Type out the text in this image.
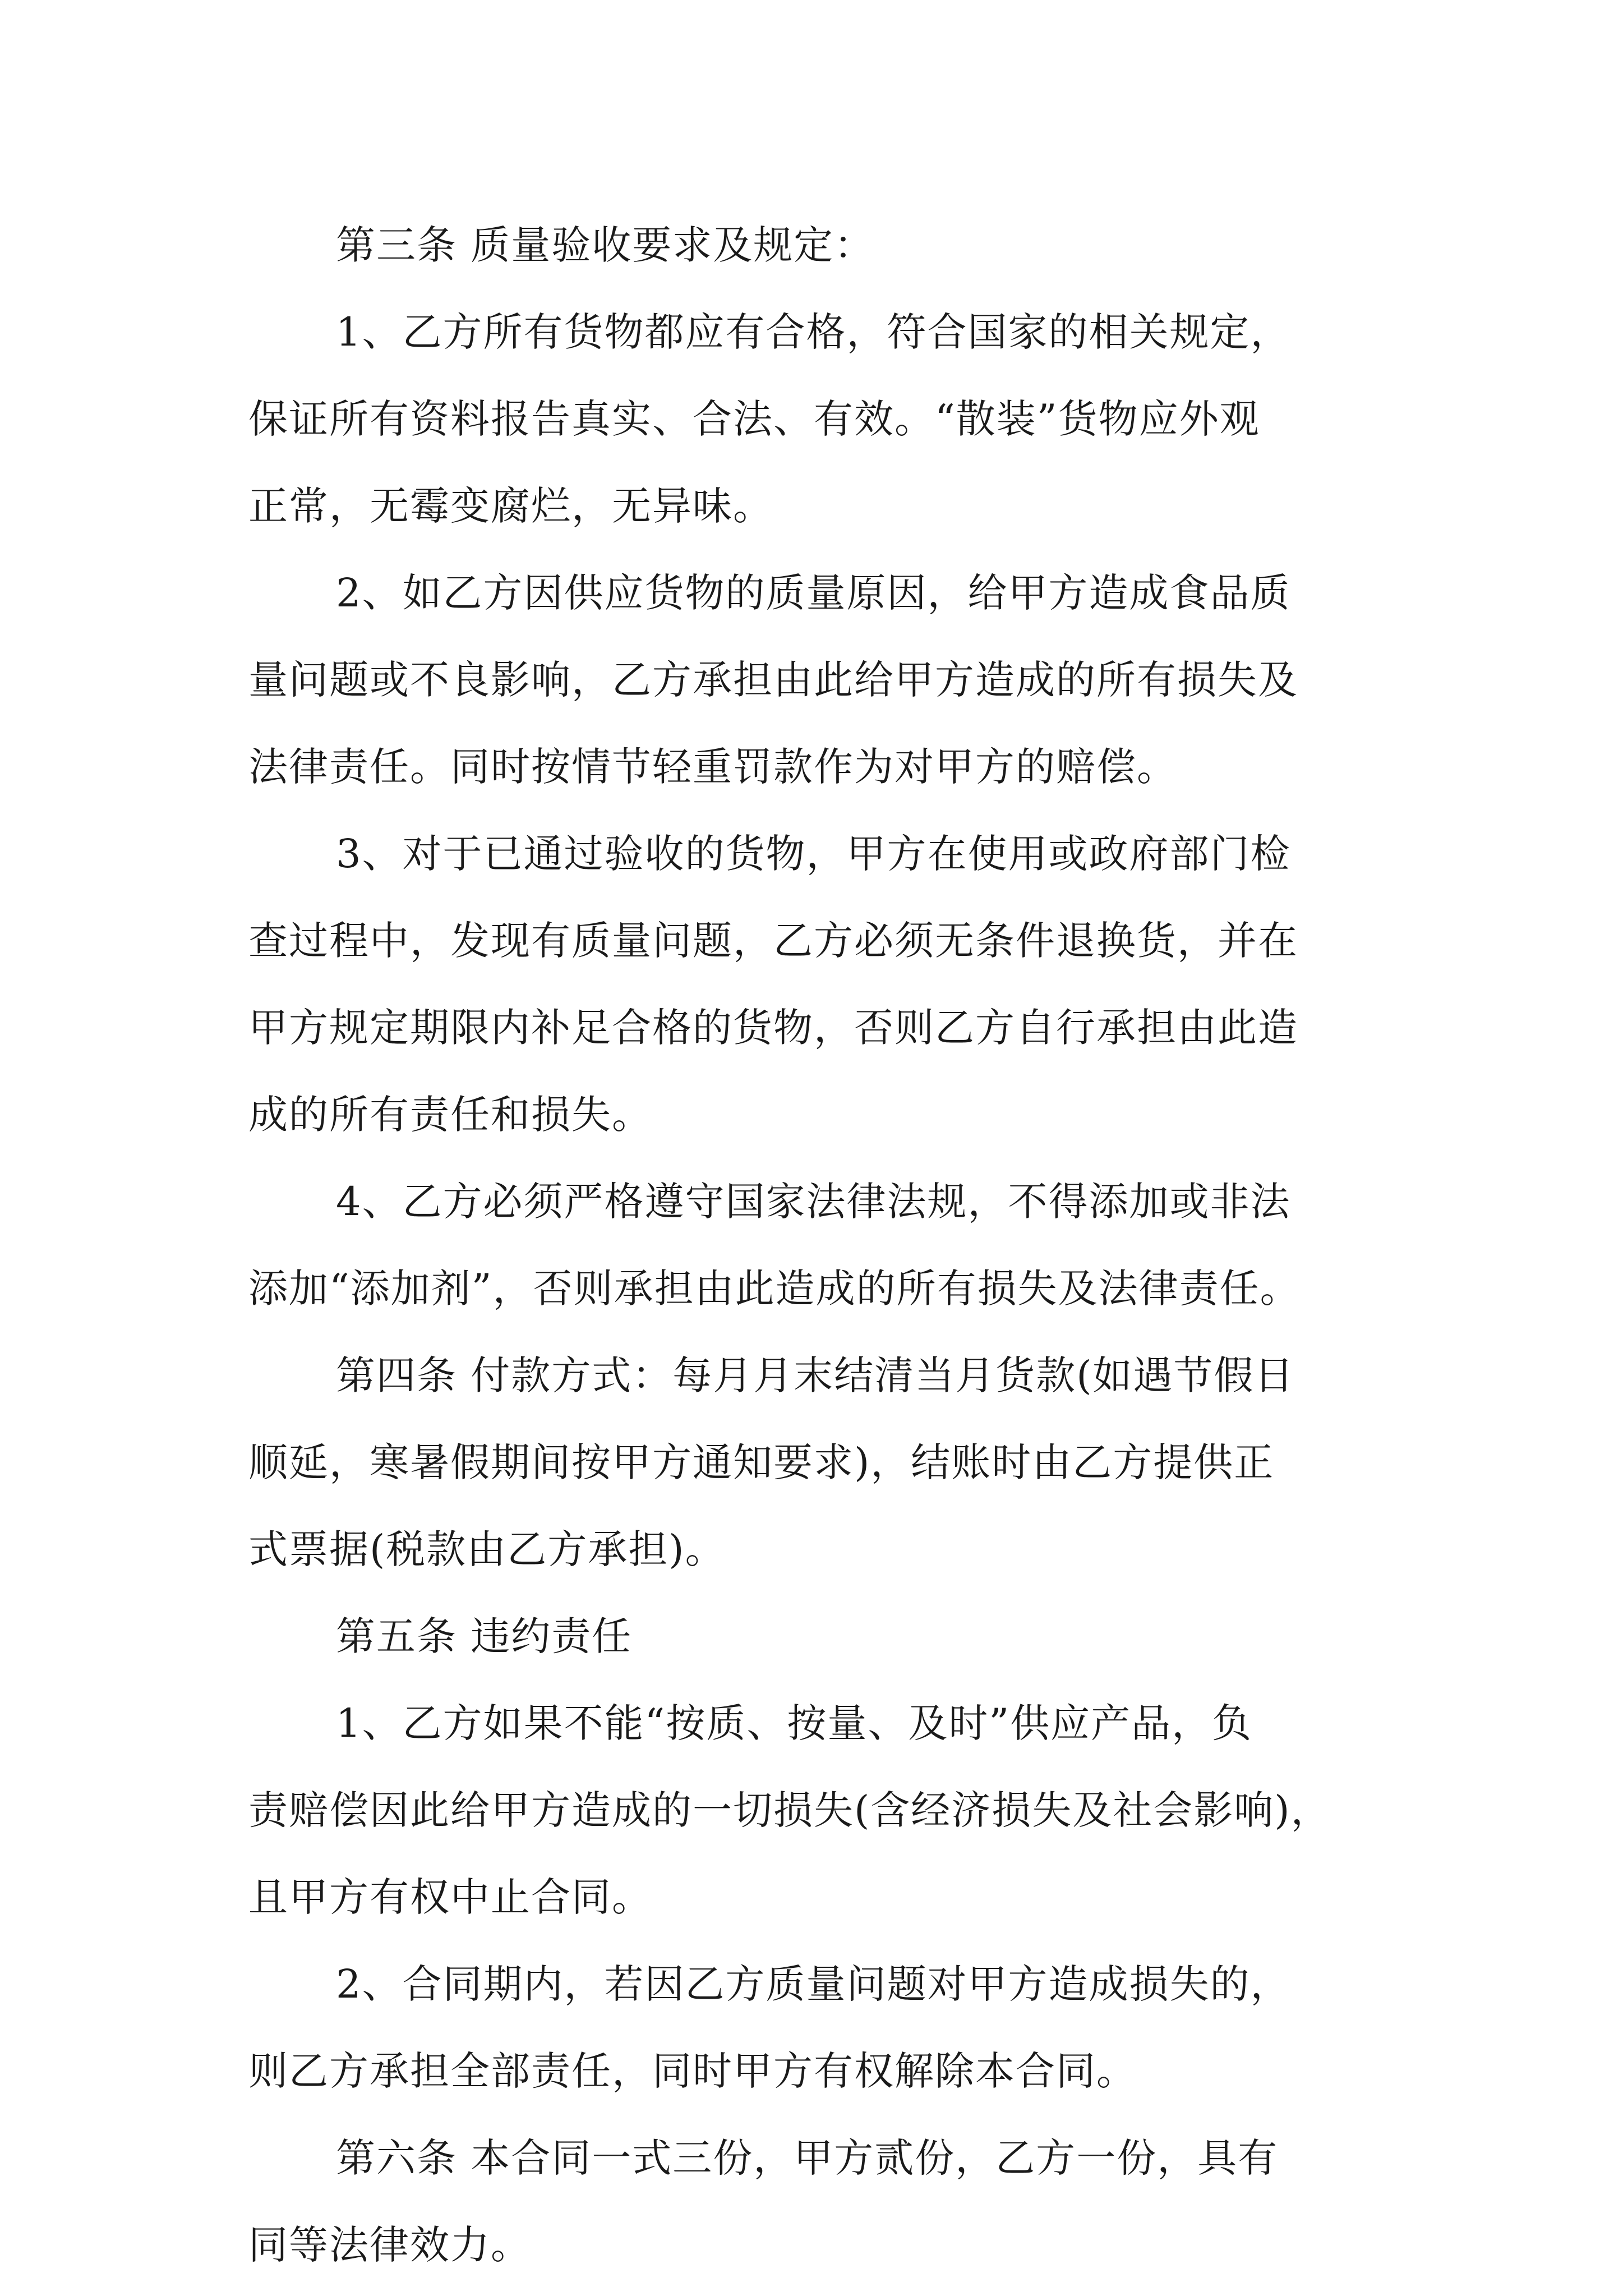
第三条 质量验收要求及规定：
1、乙方所有货物都应有合格，符合国家的相关规定，
保证所有资料报告真实、合法、有效。“散装”货物应外观
正常，无霉变腐烂，无异味。
2、如乙方因供应货物的质量原因，给甲方造成食品质
量问题或不良影响，乙方承担由此给甲方造成的所有损失及
法律责任。同时按情节轻重罚款作为对甲方的赔偿。
3、对于已通过验收的货物，甲方在使用或政府部门检
查过程中，发现有质量问题，乙方必须无条件退换货，并在
甲方规定期限内补足合格的货物，否则乙方自行承担由此造
成的所有责任和损失。
4、乙方必须严格遵守国家法律法规，不得添加或非法
添加“添加剂”，否则承担由此造成的所有损失及法律责任。
第四条 付款方式：每月月末结清当月货款(如遇节假日
顺延，寒暑假期间按甲方通知要求)，结账时由乙方提供正
式票据(税款由乙方承担)。
第五条 违约责任
1、乙方如果不能“按质、按量、及时”供应产品，负
责赔偿因此给甲方造成的一切损失(含经济损失及社会影响)，
且甲方有权中止合同。
2、合同期内，若因乙方质量问题对甲方造成损失的，
则乙方承担全部责任，同时甲方有权解除本合同。
第六条 本合同一式三份，甲方贰份，乙方一份，具有
同等法律效力。
